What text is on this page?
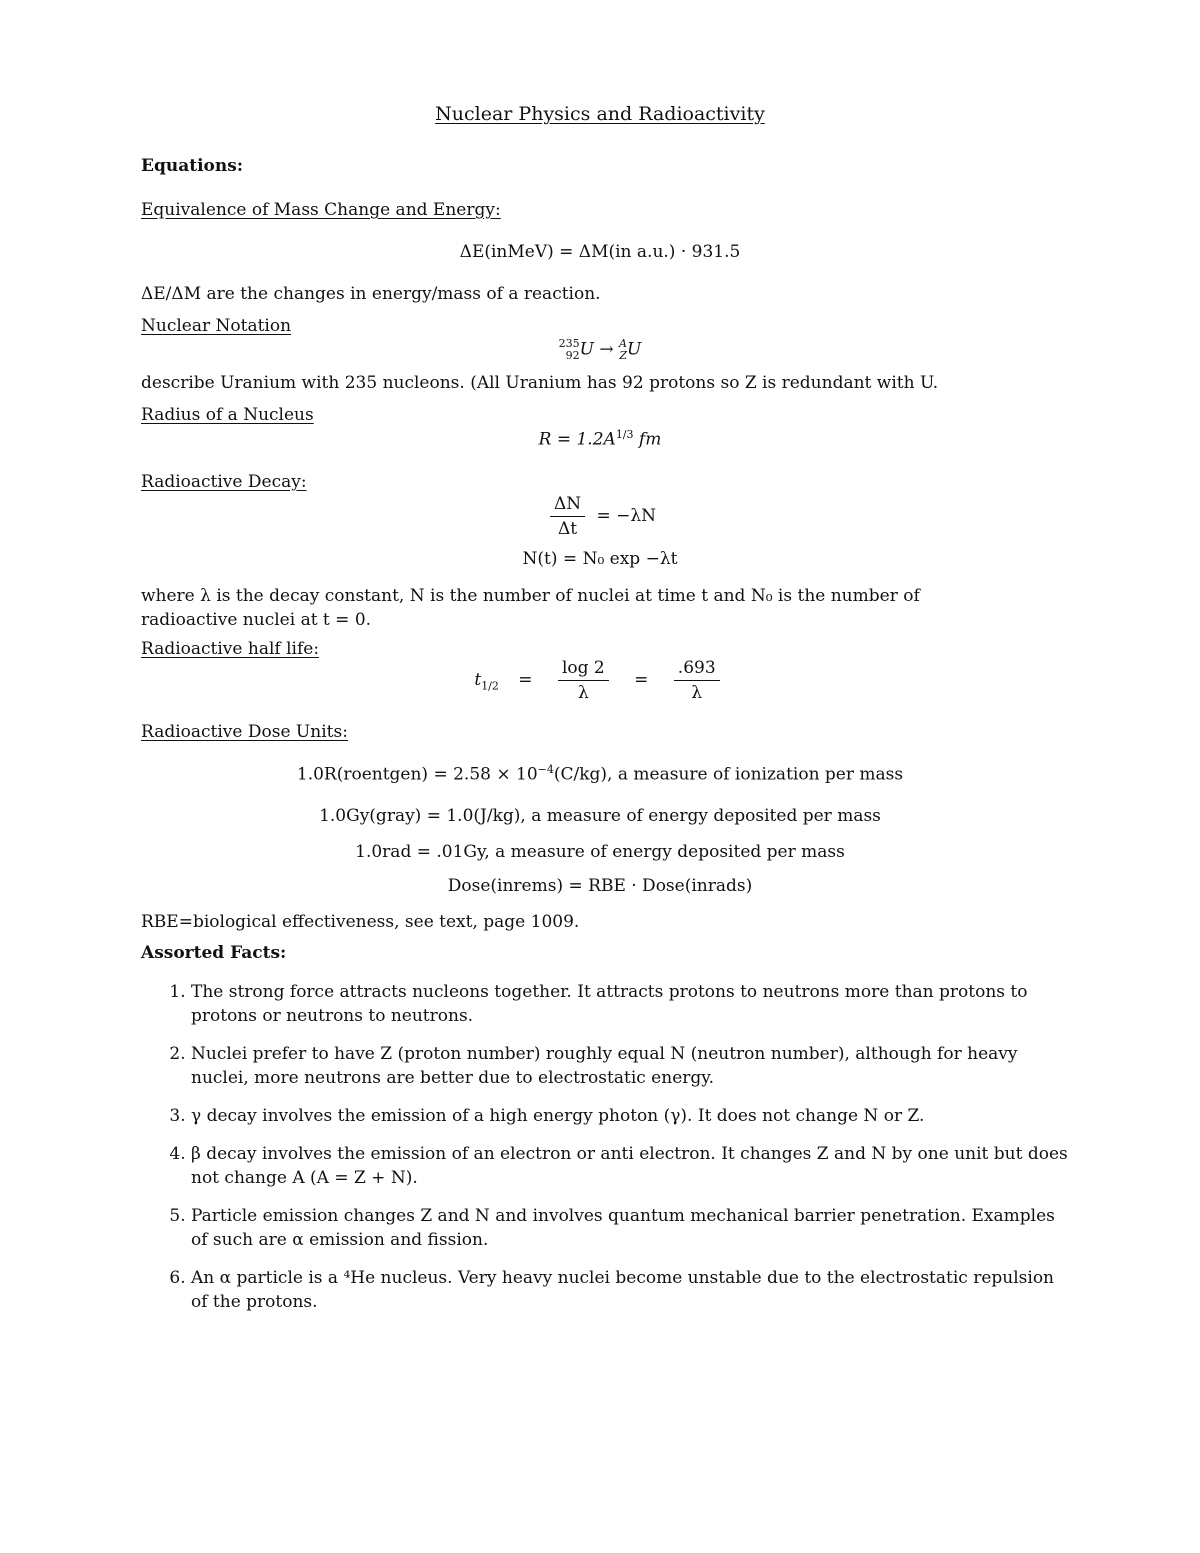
Nuclear Physics and Radioactivity
Equations:
Equivalence of Mass Change and Energy:
ΔE(inMeV) = ΔM(in a.u.) · 931.5
ΔE/ΔM are the changes in energy/mass of a reaction.
Nuclear Notation
235
92 U → A
Z U
describe Uranium with 235 nucleons. (All Uranium has 92 protons so Z is redundant with U.
Radius of a Nucleus
$R = 1.2A^{1/3}$ fm
Radioactive Decay:
$\frac{\Delta N}{\Delta t} = -\lambda N$
N(t) = N₀ exp −λt
where λ is the decay constant, N is the number of nuclei at time t and N₀ is the number of radioactive nuclei at t = 0.
Radioactive half life:
$t_{1/2} = \frac{\log 2}{\lambda} = \frac{.693}{\lambda}$
Radioactive Dose Units:
1.0R(roentgen) = $2.58 \times 10^{-4}(C/kg)$, a measure of ionization per mass
1.0Gy(gray) = 1.0(J/kg), a measure of energy deposited per mass
1.0rad = .01Gy, a measure of energy deposited per mass
Dose(inrems) = RBE · Dose(inrads)
RBE=biological effectiveness, see text, page 1009.
Assorted Facts:
1. The strong force attracts nucleons together. It attracts protons to neutrons more than protons to protons or neutrons to neutrons.
2. Nuclei prefer to have Z (proton number) roughly equal N (neutron number), although for heavy nuclei, more neutrons are better due to electrostatic energy.
3. γ decay involves the emission of a high energy photon (γ). It does not change N or Z.
4. β decay involves the emission of an electron or anti electron. It changes Z and N by one unit but does not change A (A = Z + N).
5. Particle emission changes Z and N and involves quantum mechanical barrier penetration. Examples of such are α emission and fission.
6. An α particle is a ⁴He nucleus. Very heavy nuclei become unstable due to the electrostatic repulsion of the protons.
